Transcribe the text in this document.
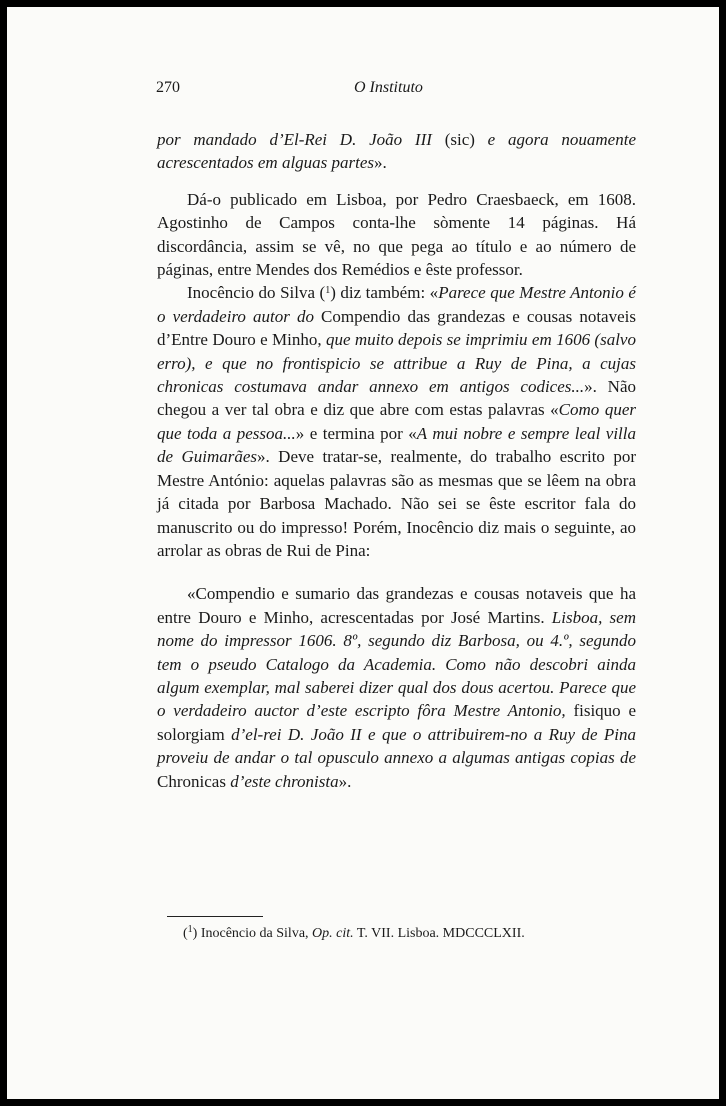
270	O Instituto

por mandado d’El-Rei D. João III (sic) e agora nouamente acrescentados em alguas partes».

Dá-o publicado em Lisboa, por Pedro Craesbaeck, em 1608. Agostinho de Campos conta-lhe sòmente 14 páginas. Há discordância, assim se vê, no que pega ao título e ao número de páginas, entre Mendes dos Remédios e êste professor.

Inocêncio do Silva ($^1$) diz também: «Parece que Mestre Antonio é o verdadeiro autor do Compendio das grandezas e cousas notaveis d’Entre Douro e Minho, que muito depois se imprimiu em 1606 (salvo erro), e que no frontispicio se attribue a Ruy de Pina, a cujas chronicas costumava andar annexo em antigos codices...». Não chegou a ver tal obra e diz que abre com estas palavras «Como quer que toda a pessoa...» e termina por «A mui nobre e sempre leal villa de Guimarães». Deve tratar-se, realmente, do trabalho escrito por Mestre António: aquelas palavras são as mesmas que se lêem na obra já citada por Barbosa Machado. Não sei se êste escritor fala do manuscrito ou do impresso! Porém, Inocêncio diz mais o seguinte, ao arrolar as obras de Rui de Pina:

«Compendio e sumario das grandezas e cousas notaveis que ha entre Douro e Minho, acrescentadas por José Martins. Lisboa, sem nome do impressor 1606. 8º, segundo diz Barbosa, ou 4.º, segundo tem o pseudo Catalogo da Academia. Como não descobri ainda algum exemplar, mal saberei dizer qual dos dous acertou. Parece que o verdadeiro auctor d’este escripto fôra Mestre Antonio, fisiquo e solorgiam d’el-rei D. João II e que o attribuirem-no a Ruy de Pina proveiu de andar o tal opusculo annexo a algumas antigas copias de Chronicas d’este chronista».

($^1$) Inocêncio da Silva, Op. cit. T. VII. Lisboa. MDCCCLXII.
